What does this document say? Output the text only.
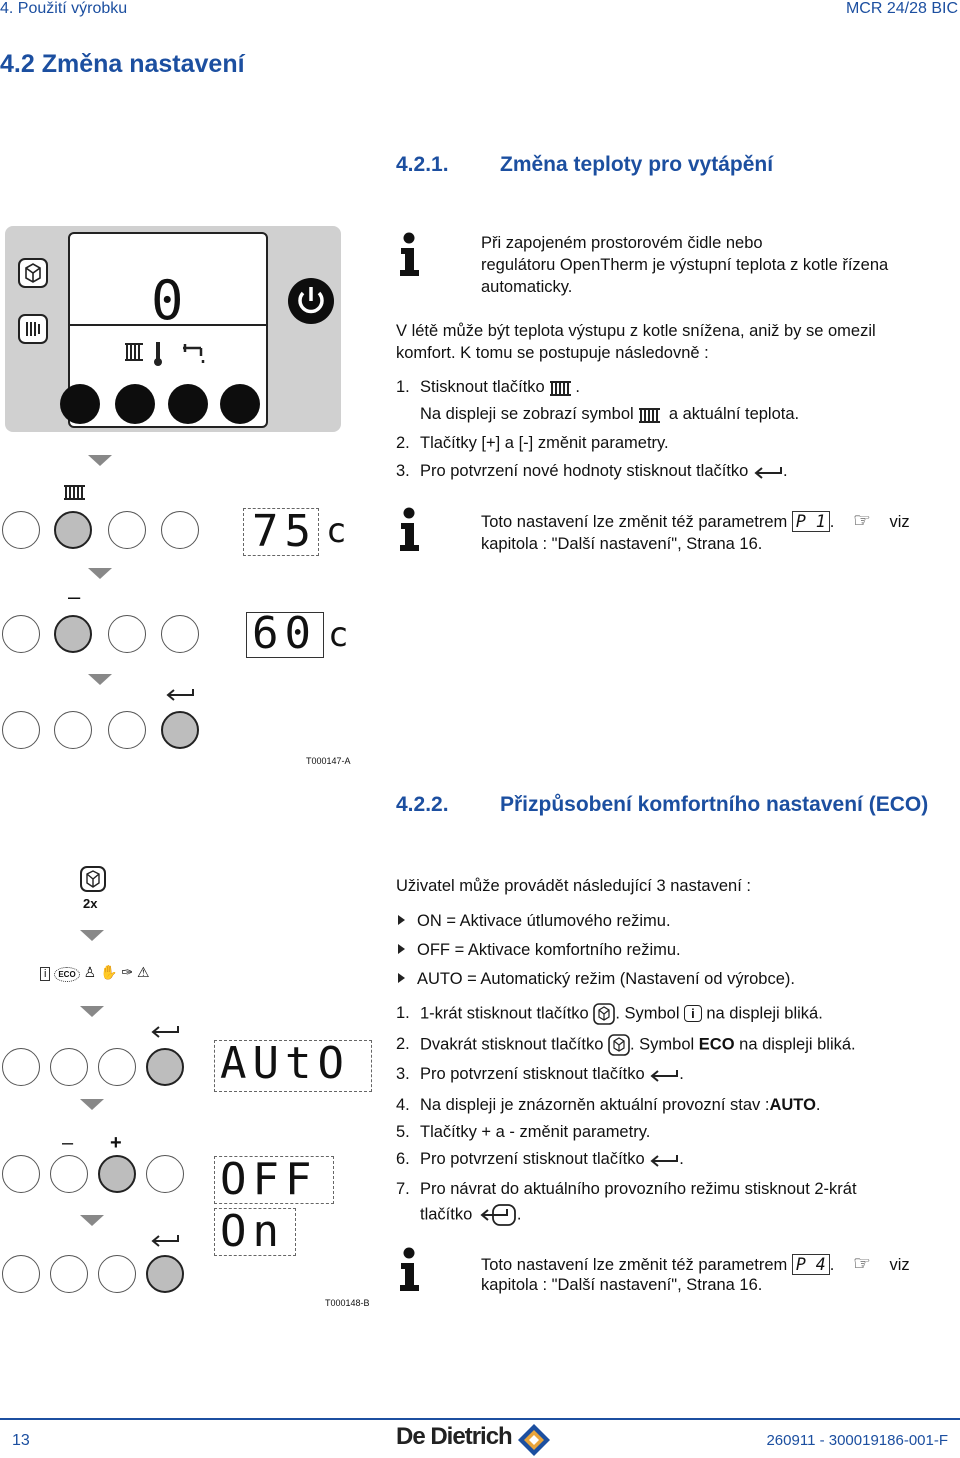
4. Použití výrobku	MCR 24/28 BIC
4.2 Změna nastavení
4.2.1. Změna teploty pro vytápění
0
75 c
–
60 c
T000147-A
Při zapojeném prostorovém čidle nebo
regulátoru OpenTherm je výstupní teplota z kotle řízena
automaticky.
V létě může být teplota výstupu z kotle snížena, aniž by se omezil
komfort. K tomu se postupuje následovně :
1. Stisknout tlačítko .
Na displeji se zobrazí symbol a aktuální teplota.
2. Tlačítky [+] a [-] změnit parametry.
3. Pro potvrzení nové hodnoty stisknout tlačítko .
Toto nastavení lze změnit též parametrem P 1 . ☞ viz
kapitola : "Další nastavení", Strana 16.
4.2.2. Přizpůsobení komfortního nastavení (ECO)
2x
i ECO ♙ ✋ ✑ ⚠
AUtO
– +
OFF
On
T000148-B
Uživatel může provádět následující 3 nastavení :
ON = Aktivace útlumového režimu.
OFF = Aktivace komfortního režimu.
AUTO = Automatický režim (Nastavení od výrobce).
1. 1-krát stisknout tlačítko . Symbol i na displeji bliká.
2. Dvakrát stisknout tlačítko . Symbol ECO na displeji bliká.
3. Pro potvrzení stisknout tlačítko .
4. Na displeji je znázorněn aktuální provozní stav :AUTO.
5. Tlačítky + a - změnit parametry.
6. Pro potvrzení stisknout tlačítko .
7. Pro návrat do aktuálního provozního režimu stisknout 2-krát
tlačítko	.
Toto nastavení lze změnit též parametrem P 4 . ☞ viz
kapitola : "Další nastavení", Strana 16.
13	De Dietrich	260911 - 300019186-001-F
